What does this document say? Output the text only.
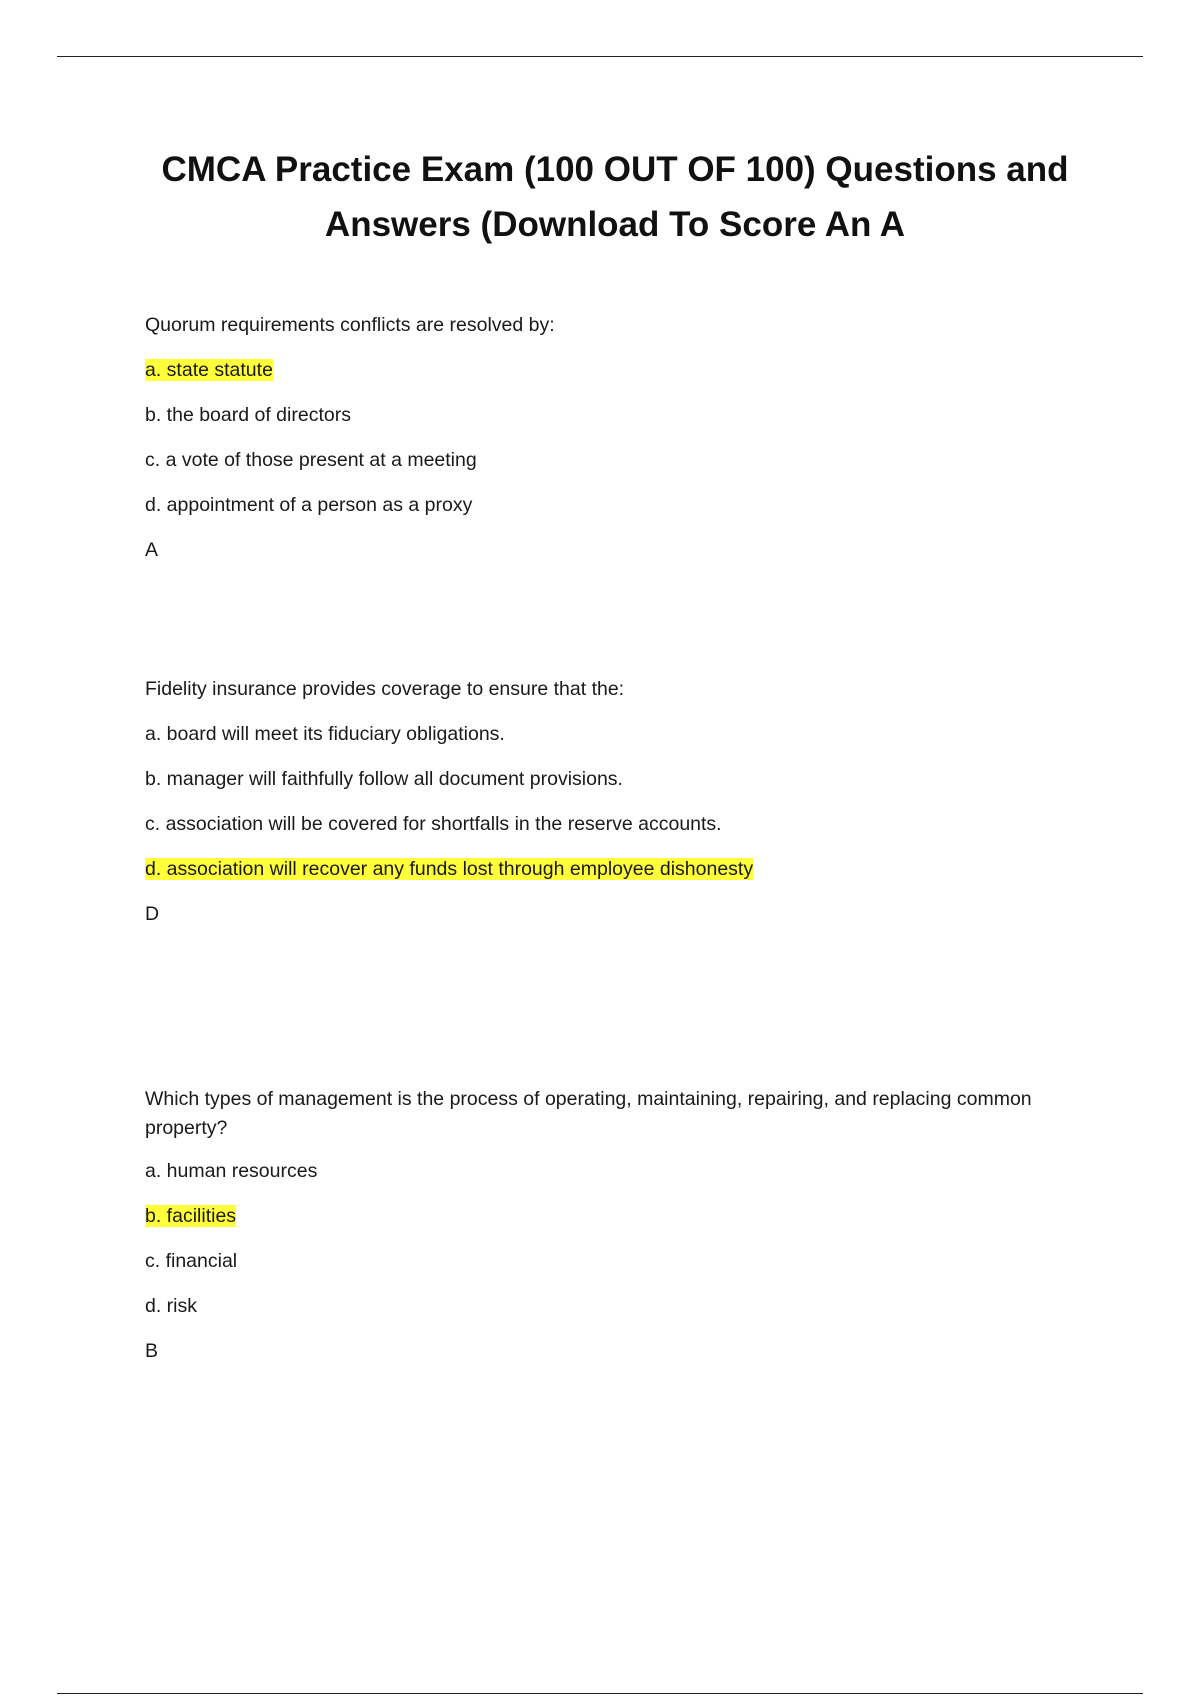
CMCA Practice Exam (100 OUT OF 100) Questions and Answers (Download To Score An A

Quorum requirements conflicts are resolved by:

a. state statute

b. the board of directors

c. a vote of those present at a meeting

d. appointment of a person as a proxy

A

Fidelity insurance provides coverage to ensure that the:

a. board will meet its fiduciary obligations.

b. manager will faithfully follow all document provisions.

c. association will be covered for shortfalls in the reserve accounts.

d. association will recover any funds lost through employee dishonesty

D

Which types of management is the process of operating, maintaining, repairing, and replacing common property?

a. human resources

b. facilities

c. financial

d. risk

B
